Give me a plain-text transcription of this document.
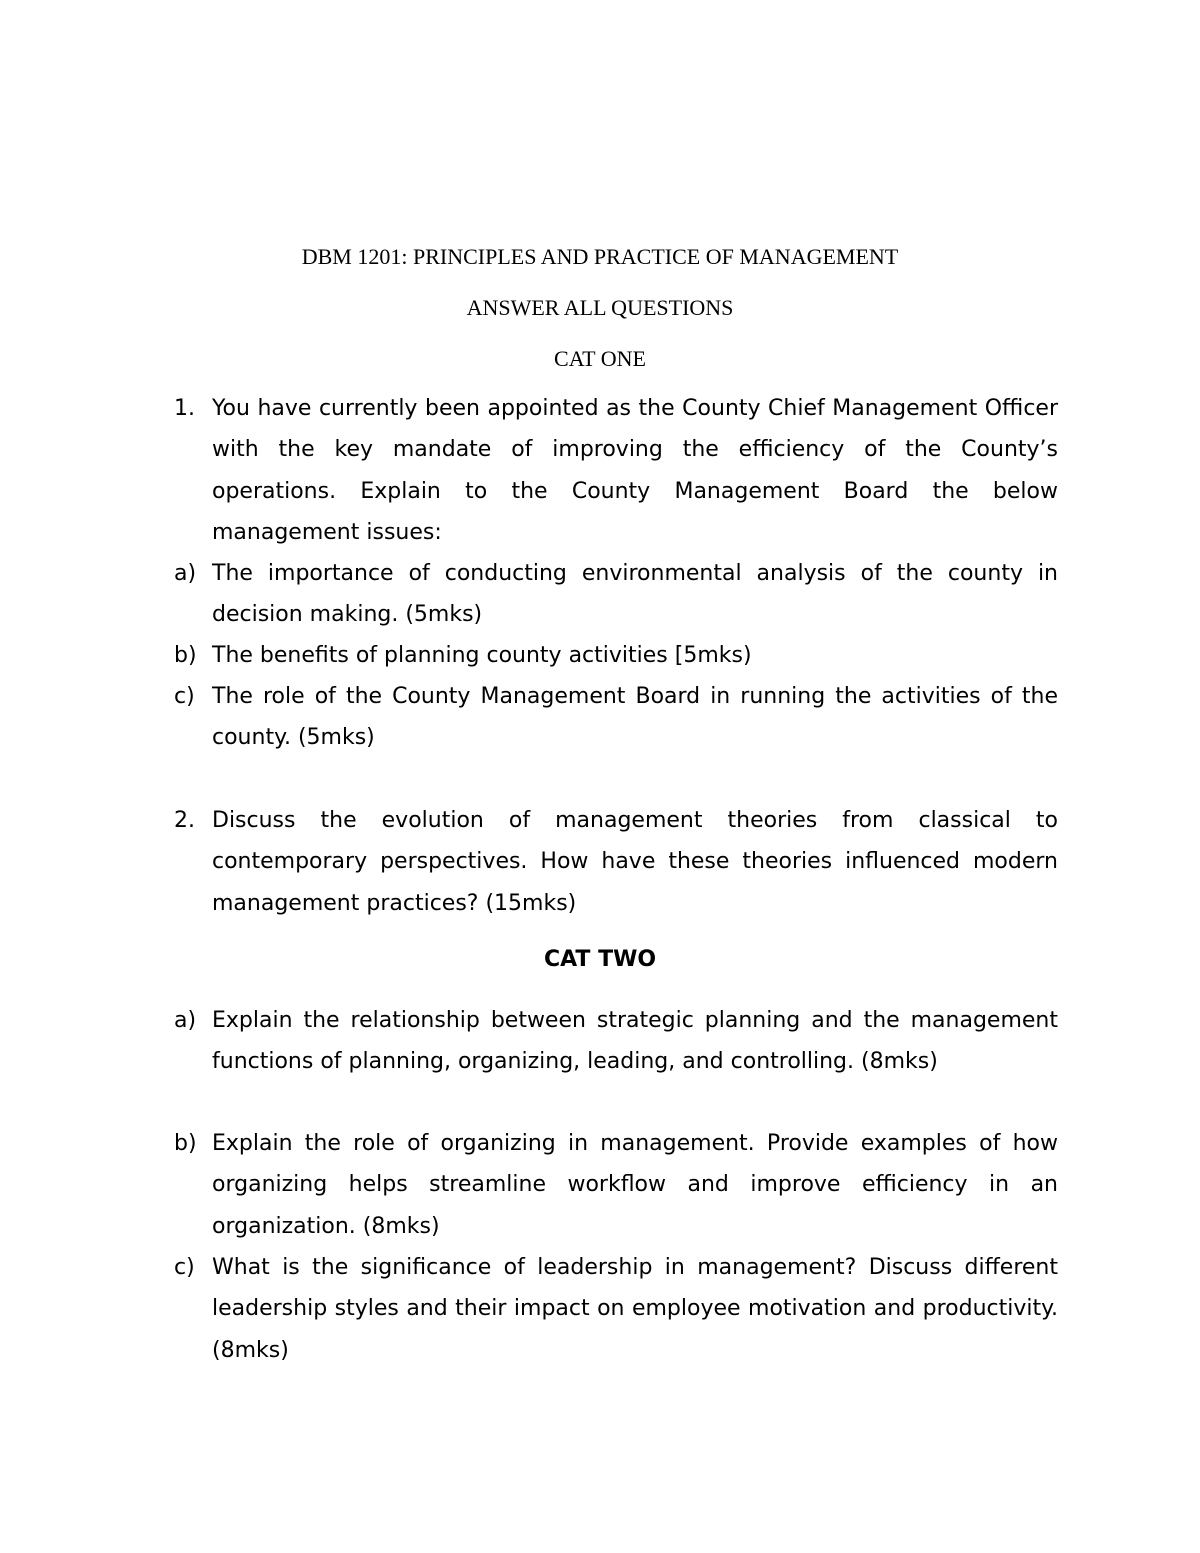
DBM 1201: PRINCIPLES AND PRACTICE OF MANAGEMENT
ANSWER ALL QUESTIONS
CAT ONE
1. You have currently been appointed as the County Chief Management Officer with the key mandate of improving the efficiency of the County’s operations. Explain to the County Management Board the below management issues:
a) The importance of conducting environmental analysis of the county in decision making. (5mks)
b) The benefits of planning county activities [5mks)
c) The role of the County Management Board in running the activities of the county. (5mks)
2. Discuss the evolution of management theories from classical to contemporary perspectives. How have these theories influenced modern management practices? (15mks)
CAT TWO
a) Explain the relationship between strategic planning and the management functions of planning, organizing, leading, and controlling. (8mks)
b) Explain the role of organizing in management. Provide examples of how organizing helps streamline workflow and improve efficiency in an organization. (8mks)
c) What is the significance of leadership in management? Discuss different leadership styles and their impact on employee motivation and productivity. (8mks)
